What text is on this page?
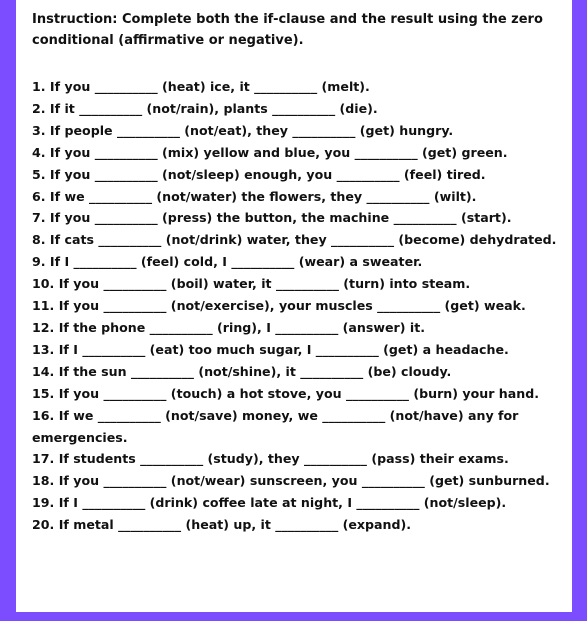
Instruction: Complete both the if-clause and the result using the zero conditional (affirmative or negative).
1. If you __________ (heat) ice, it __________ (melt).
2. If it __________ (not/rain), plants __________ (die).
3. If people __________ (not/eat), they __________ (get) hungry.
4. If you __________ (mix) yellow and blue, you __________ (get) green.
5. If you __________ (not/sleep) enough, you __________ (feel) tired.
6. If we __________ (not/water) the flowers, they __________ (wilt).
7. If you __________ (press) the button, the machine __________ (start).
8. If cats __________ (not/drink) water, they __________ (become) dehydrated.
9. If I __________ (feel) cold, I __________ (wear) a sweater.
10. If you __________ (boil) water, it __________ (turn) into steam.
11. If you __________ (not/exercise), your muscles __________ (get) weak.
12. If the phone __________ (ring), I __________ (answer) it.
13. If I __________ (eat) too much sugar, I __________ (get) a headache.
14. If the sun __________ (not/shine), it __________ (be) cloudy.
15. If you __________ (touch) a hot stove, you __________ (burn) your hand.
16. If we __________ (not/save) money, we __________ (not/have) any for emergencies.
17. If students __________ (study), they __________ (pass) their exams.
18. If you __________ (not/wear) sunscreen, you __________ (get) sunburned.
19. If I __________ (drink) coffee late at night, I __________ (not/sleep).
20. If metal __________ (heat) up, it __________ (expand).
